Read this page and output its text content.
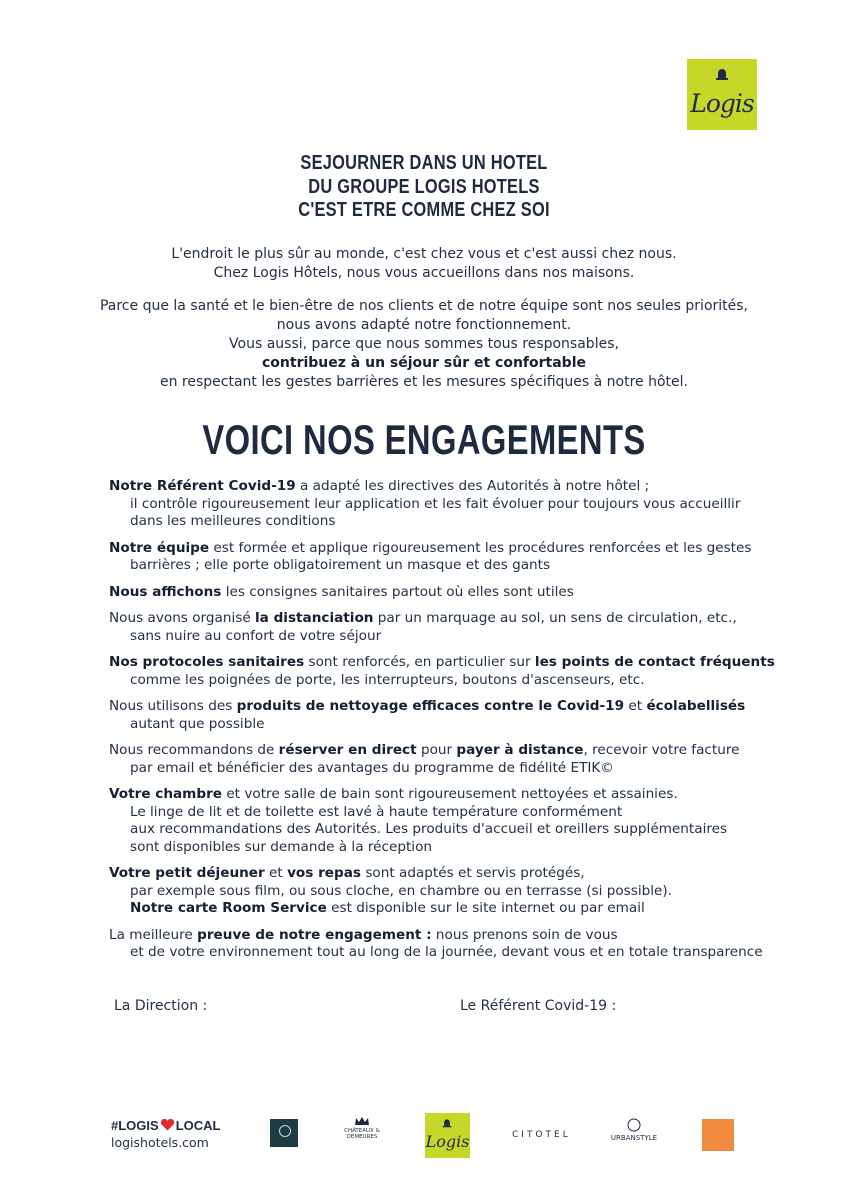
Logis
SEJOURNER DANS UN HOTEL
DU GROUPE LOGIS HOTELS
C'EST ETRE COMME CHEZ SOI

L'endroit le plus sûr au monde, c'est chez vous et c'est aussi chez nous.

Chez Logis Hôtels, nous vous accueillons dans nos maisons.

Parce que la santé et le bien-être de nos clients et de notre équipe sont nos seules priorités,

nous avons adapté notre fonctionnement.

Vous aussi, parce que nous sommes tous responsables,

contribuez à un séjour sûr et confortable

en respectant les gestes barrières et les mesures spécifiques à notre hôtel.

VOICI NOS ENGAGEMENTS
Notre Référent Covid-19 a adapté les directives des Autorités à notre hôtel ;
il contrôle rigoureusement leur application et les fait évoluer pour toujours vous accueillir
dans les meilleures conditions
Notre équipe est formée et applique rigoureusement les procédures renforcées et les gestes
barrières ; elle porte obligatoirement un masque et des gants
Nous affichons les consignes sanitaires partout où elles sont utiles
Nous avons organisé la distanciation par un marquage au sol, un sens de circulation, etc.,
sans nuire au confort de votre séjour
Nos protocoles sanitaires sont renforcés, en particulier sur les points de contact fréquents
comme les poignées de porte, les interrupteurs, boutons d'ascenseurs, etc.
Nous utilisons des produits de nettoyage efficaces contre le Covid-19 et écolabellisés
autant que possible
Nous recommandons de réserver en direct pour payer à distance, recevoir votre facture
par email et bénéficier des avantages du programme de fidélité ETIK©
Votre chambre et votre salle de bain sont rigoureusement nettoyées et assainies.
Le linge de lit et de toilette est lavé à haute température conformément
aux recommandations des Autorités. Les produits d'accueil et oreillers supplémentaires
sont disponibles sur demande à la réception
Votre petit déjeuner et vos repas sont adaptés et servis protégés,
par exemple sous film, ou sous cloche, en chambre ou en terrasse (si possible).
Notre carte Room Service est disponible sur le site internet ou par email
La meilleure preuve de notre engagement : nous prenons soin de vous
et de votre environnement tout au long de la journée, devant vous et en totale transparence
La Direction :	Le Référent Covid-19 :
#LOGIS LOCAL
logishotels.com
CHÂTEAUX & DEMEURES	Logis	CITOTEL	URBANSTYLE
